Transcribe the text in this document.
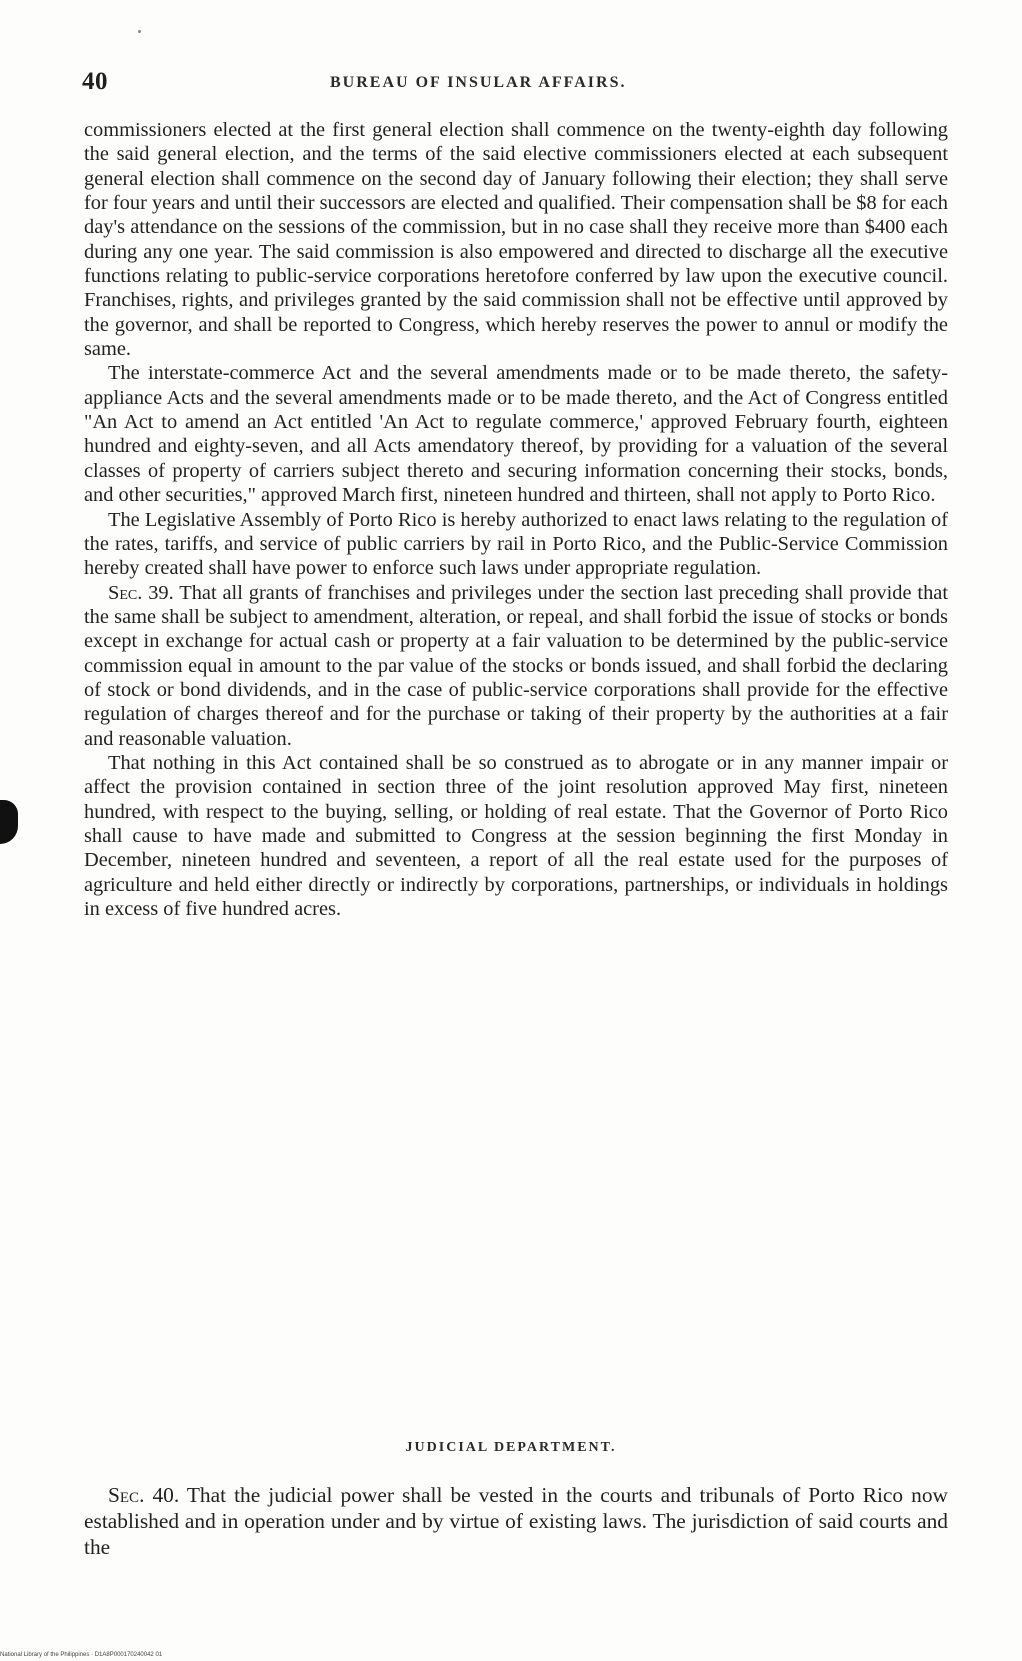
40	BUREAU OF INSULAR AFFAIRS.

commissioners elected at the first general election shall commence on the twenty-eighth day following the said general election, and the terms of the said elective commissioners elected at each subsequent general election shall commence on the second day of January following their election; they shall serve for four years and until their successors are elected and qualified. Their compensation shall be $8 for each day's attendance on the sessions of the commission, but in no case shall they receive more than $400 each during any one year. The said commission is also empowered and directed to discharge all the executive functions relating to public-service corporations heretofore conferred by law upon the executive council. Franchises, rights, and privileges granted by the said commission shall not be effective until approved by the governor, and shall be reported to Congress, which hereby reserves the power to annul or modify the same.

The interstate-commerce Act and the several amendments made or to be made thereto, the safety-appliance Acts and the several amendments made or to be made thereto, and the Act of Congress entitled "An Act to amend an Act entitled 'An Act to regulate commerce,' approved February fourth, eighteen hundred and eighty-seven, and all Acts amendatory thereof, by providing for a valuation of the several classes of property of carriers subject thereto and securing information concerning their stocks, bonds, and other securities," approved March first, nineteen hundred and thirteen, shall not apply to Porto Rico.

The Legislative Assembly of Porto Rico is hereby authorized to enact laws relating to the regulation of the rates, tariffs, and service of public carriers by rail in Porto Rico, and the Public-Service Commission hereby created shall have power to enforce such laws under appropriate regulation.

Sec. 39. That all grants of franchises and privileges under the section last preceding shall provide that the same shall be subject to amendment, alteration, or repeal, and shall forbid the issue of stocks or bonds except in exchange for actual cash or property at a fair valuation to be determined by the public-service commission equal in amount to the par value of the stocks or bonds issued, and shall forbid the declaring of stock or bond dividends, and in the case of public-service corporations shall provide for the effective regulation of charges thereof and for the purchase or taking of their property by the authorities at a fair and reasonable valuation.

That nothing in this Act contained shall be so construed as to abrogate or in any manner impair or affect the provision contained in section three of the joint resolution approved May first, nineteen hundred, with respect to the buying, selling, or holding of real estate. That the Governor of Porto Rico shall cause to have made and submitted to Congress at the session beginning the first Monday in December, nineteen hundred and seventeen, a report of all the real estate used for the purposes of agriculture and held either directly or indirectly by corporations, partnerships, or individuals in holdings in excess of five hundred acres.

JUDICIAL DEPARTMENT.

Sec. 40. That the judicial power shall be vested in the courts and tribunals of Porto Rico now established and in operation under and by virtue of existing laws. The jurisdiction of said courts and the

National Library of the Philippines · D1A8P000170240042 01
